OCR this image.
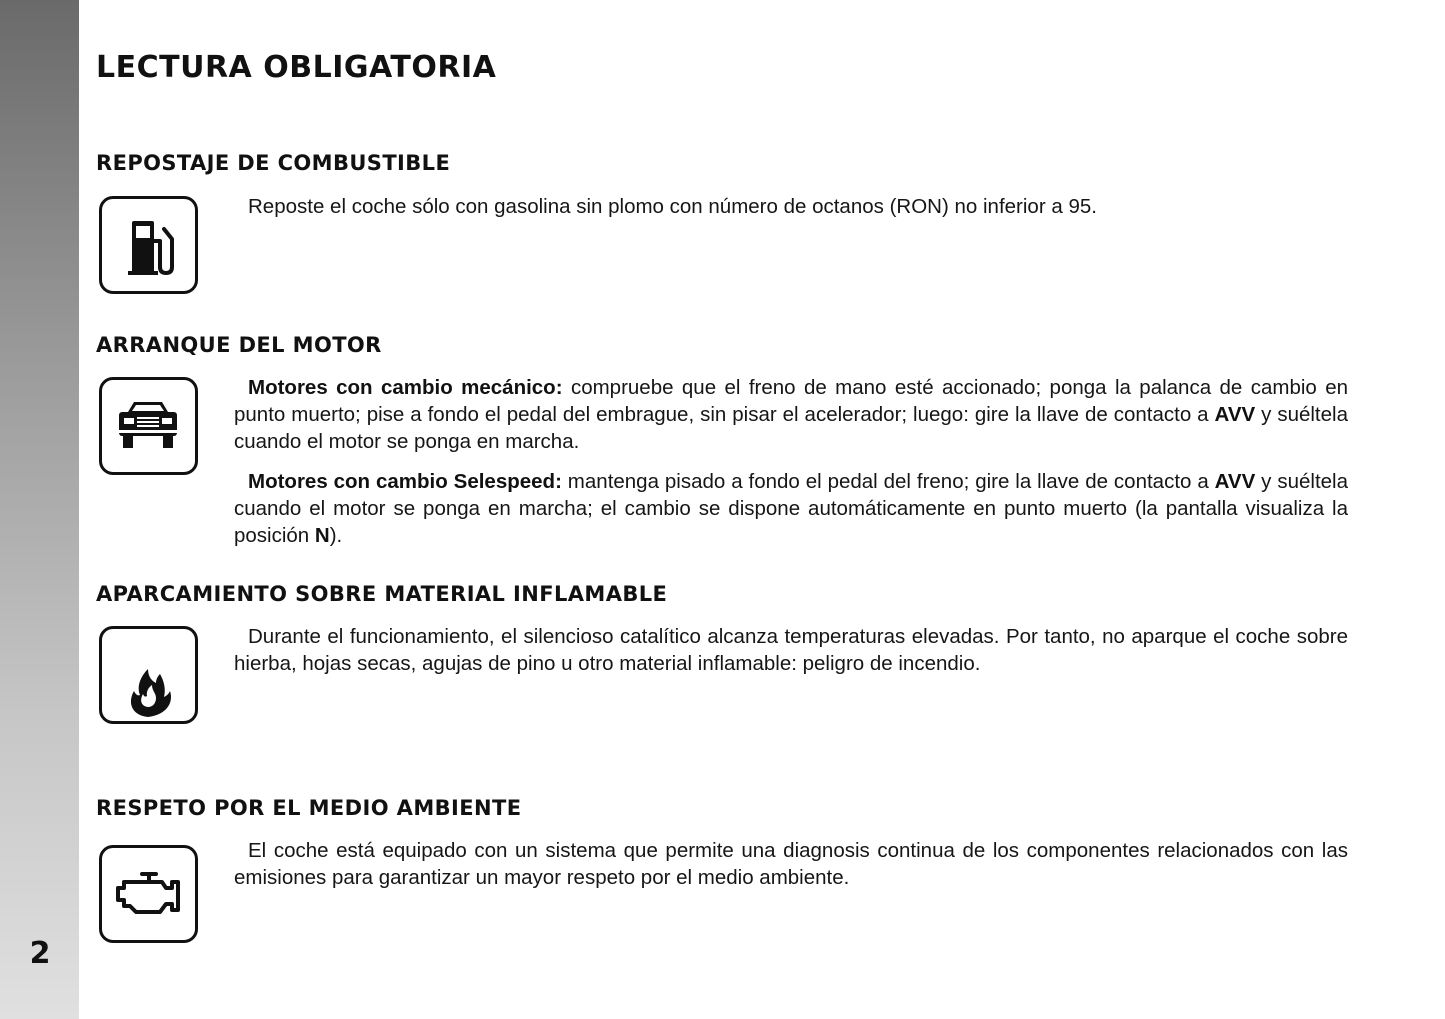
2
LECTURA OBLIGATORIA
REPOSTAJE DE COMBUSTIBLE

Reposte el coche sólo con gasolina sin plomo con número de octanos (RON) no inferior a 95.

ARRANQUE DEL MOTOR

Motores con cambio mecánico: compruebe que el freno de mano esté accionado; ponga la palanca de cambio en punto muerto; pise a fondo el pedal del embrague, sin pisar el acelerador; luego: gire la llave de contacto a AVV y suéltela cuando el motor se ponga en marcha.

Motores con cambio Selespeed: mantenga pisado a fondo el pedal del freno; gire la llave de contacto a AVV y suéltela cuando el motor se ponga en marcha; el cambio se dispone automáticamente en punto muerto (la pantalla visualiza la posición N).

APARCAMIENTO SOBRE MATERIAL INFLAMABLE

Durante el funcionamiento, el silencioso catalítico alcanza temperaturas elevadas. Por tanto, no aparque el coche sobre hierba, hojas secas, agujas de pino u otro material inflamable: peligro de incendio.

RESPETO POR EL MEDIO AMBIENTE

El coche está equipado con un sistema que permite una diagnosis continua de los componentes relacionados con las emisiones para garantizar un mayor respeto por el medio ambiente.
